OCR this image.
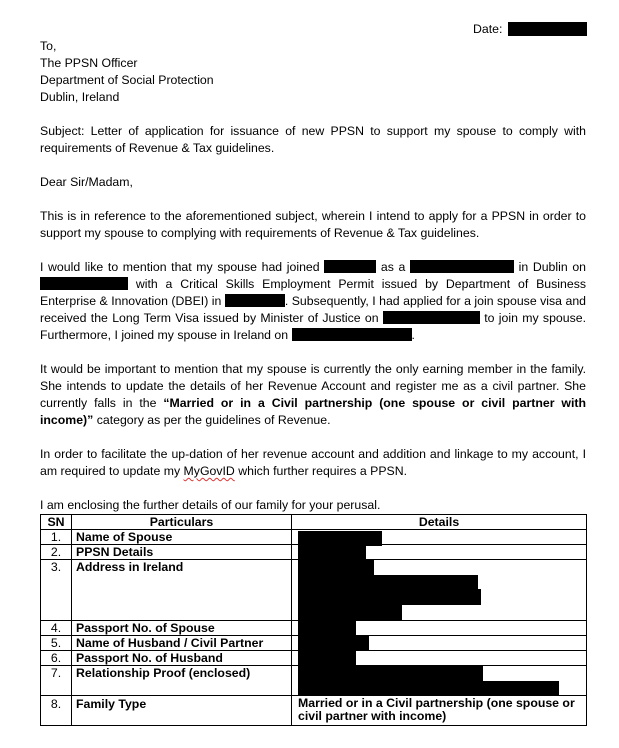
Date:
To,
The PPSN Officer
Department of Social Protection
Dublin, Ireland

Subject: Letter of application for issuance of new PPSN to support my spouse to comply with requirements of Revenue & Tax guidelines.

Dear Sir/Madam,

This is in reference to the aforementioned subject, wherein I intend to apply for a PPSN in order to support my spouse to complying with requirements of Revenue & Tax guidelines.

I would like to mention that my spouse had joined	as a	in Dublin on  with a Critical Skills Employment Permit issued by Department of Business Enterprise & Innovation (DBEI) in	. Subsequently, I had applied for a join spouse visa and received the Long Term Visa issued by Minister of Justice on	to join my spouse. Furthermore, I joined my spouse in Ireland on	.

It would be important to mention that my spouse is currently the only earning member in the family. She intends to update the details of her Revenue Account and register me as a civil partner. She currently falls in the “Married or in a Civil partnership (one spouse or civil partner with income)” category as per the guidelines of Revenue.

In order to facilitate the up-dation of her revenue account and addition and linkage to my account, I am required to update my MyGovID which further requires a PPSN.

I am enclosing the further details of our family for your perusal.
SN	Particulars	Details
1.	Name of Spouse	

2.	PPSN Details	

3.	Address in Ireland	

4.	Passport No. of Spouse	

5.	Name of Husband / Civil Partner	

6.	Passport No. of Husband	

7.	Relationship Proof (enclosed)	

8.	Family Type	Married or in a Civil partnership (one spouse or civil partner with income)
